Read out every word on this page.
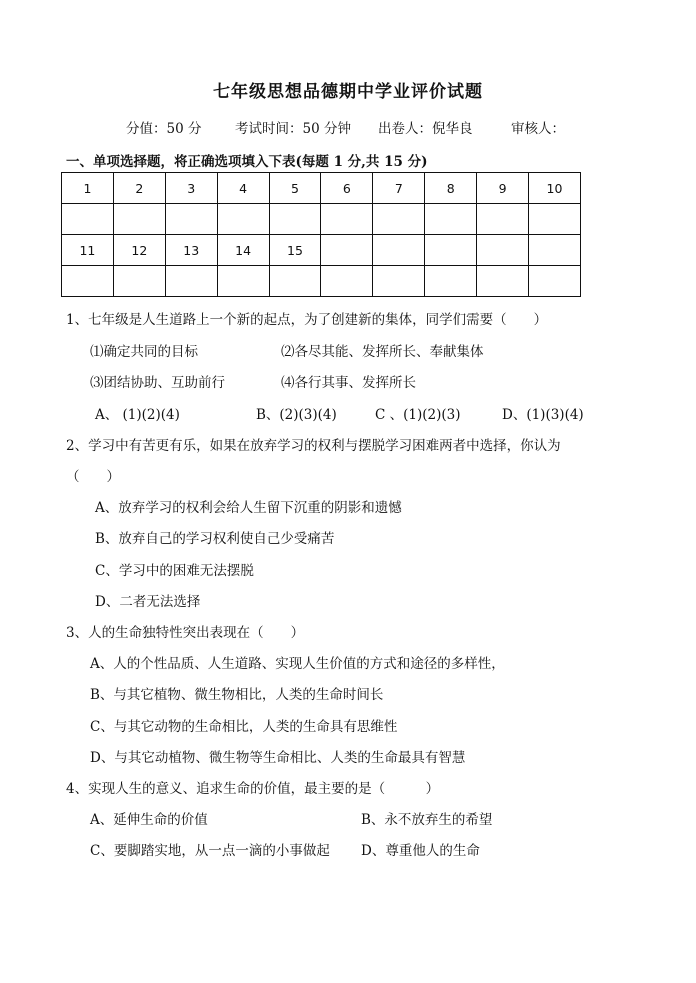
七年级思想品德期中学业评价试题
分值：50 分 考试时间：50 分钟 出卷人：倪华良	审核人：
一、单项选择题，将正确选项填入下表(每题 1 分,共 15 分)
1	2	3	4	5	6	7	8	9	10

11	12	13	14	15					

1、七年级是人生道路上一个新的起点，为了创建新的集体，同学们需要（　　）
⑴确定共同的目标	⑵各尽其能、发挥所长、奉献集体
⑶团结协助、互助前行	⑷各行其事、发挥所长
A、 (1)(2)(4)	B、(2)(3)(4)	C 、(1)(2)(3)	D、(1)(3)(4)
2、学习中有苦更有乐，如果在放弃学习的权利与摆脱学习困难两者中选择，你认为
（　　）
A、放弃学习的权利会给人生留下沉重的阴影和遗憾
B、放弃自己的学习权利使自己少受痛苦
C、学习中的困难无法摆脱
D、二者无法选择
3、人的生命独特性突出表现在（　　）
A、人的个性品质、人生道路、实现人生价值的方式和途径的多样性，
B、与其它植物、微生物相比，人类的生命时间长
C、与其它动物的生命相比，人类的生命具有思维性
D、与其它动植物、微生物等生命相比、人类的生命最具有智慧
4、实现人生的意义、追求生命的价值，最主要的是（　　　）
A、延伸生命的价值	B、永不放弃生的希望
C、要脚踏实地，从一点一滴的小事做起 D、尊重他人的生命
